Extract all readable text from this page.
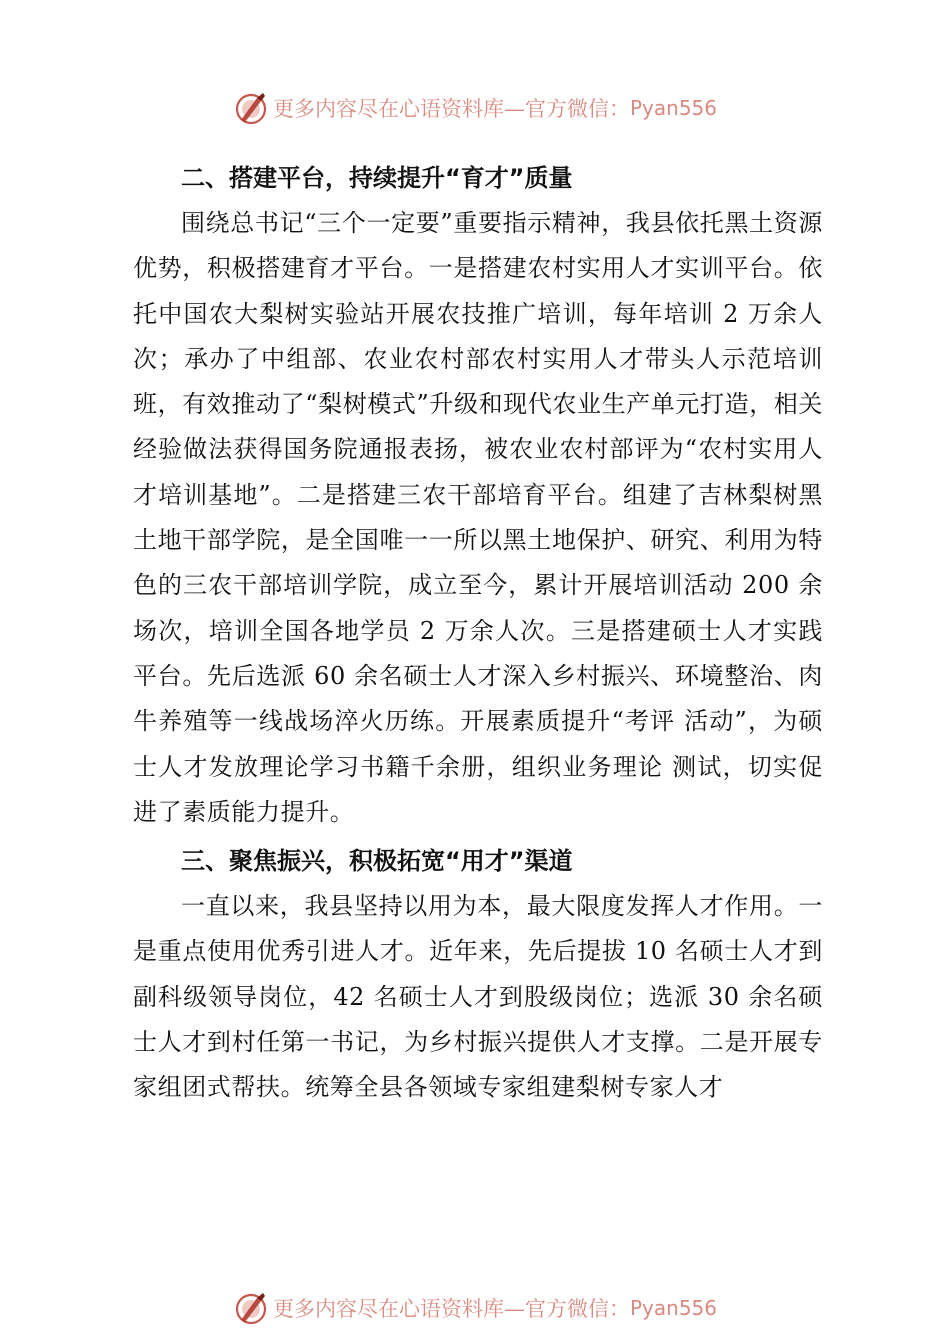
更多内容尽在心语资料库—官方微信： Pyan556

二、搭建平台，持续提升“育才”质量

围绕总书记“三个一定要”重要指示精神，我县依托黑土资源优势，积极搭建育才平台。一是搭建农村实用人才实训平台。依托中国农大梨树实验站开展农技推广培训，每年培训 2 万余人次；承办了中组部、农业农村部农村实用人才带头人示范培训班，有效推动了“梨树模式”升级和现代农业生产单元打造，相关经验做法获得国务院通报表扬，被农业农村部评为“农村实用人才培训基地”。二是搭建三农干部培育平台。组建了吉林梨树黑土地干部学院，是全国唯一一所以黑土地保护、研究、利用为特色的三农干部培训学院，成立至今，累计开展培训活动 200 余场次，培训全国各地学员 2 万余人次。三是搭建硕士人才实践平台。先后选派 60 余名硕士人才深入乡村振兴、环境整治、肉牛养殖等一线战场淬火历练。开展素质提升“考评 活动”，为硕士人才发放理论学习书籍千余册，组织业务理论 测试，切实促进了素质能力提升。

三、聚焦振兴，积极拓宽“用才”渠道

一直以来，我县坚持以用为本，最大限度发挥人才作用。一是重点使用优秀引进人才。近年来，先后提拔 10 名硕士人才到副科级领导岗位，42 名硕士人才到股级岗位；选派 30 余名硕士人才到村任第一书记，为乡村振兴提供人才支撑。二是开展专家组团式帮扶。统筹全县各领域专家组建梨树专家人才

更多内容尽在心语资料库—官方微信： Pyan556
